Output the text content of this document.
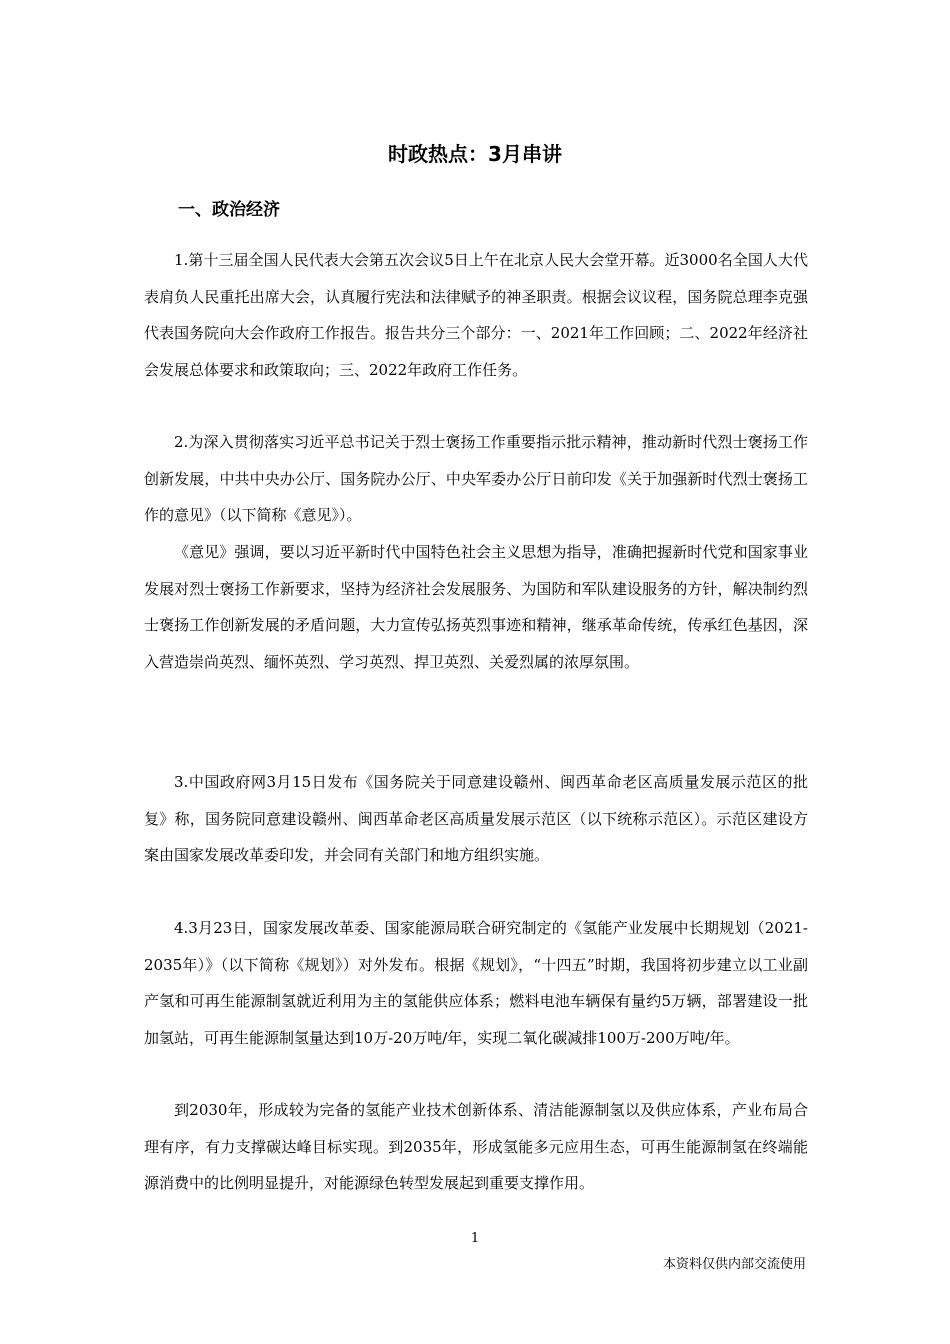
时政热点：3月串讲
一、政治经济

1.第十三届全国人民代表大会第五次会议5日上午在北京人民大会堂开幕。近3000名全国人大代表肩负人民重托出席大会，认真履行宪法和法律赋予的神圣职责。根据会议议程，国务院总理李克强代表国务院向大会作政府工作报告。报告共分三个部分：一、2021年工作回顾；二、2022年经济社会发展总体要求和政策取向；三、2022年政府工作任务。

2.为深入贯彻落实习近平总书记关于烈士褒扬工作重要指示批示精神，推动新时代烈士褒扬工作创新发展，中共中央办公厅、国务院办公厅、中央军委办公厅日前印发《关于加强新时代烈士褒扬工作的意见》（以下简称《意见》）。

《意见》强调，要以习近平新时代中国特色社会主义思想为指导，准确把握新时代党和国家事业发展对烈士褒扬工作新要求，坚持为经济社会发展服务、为国防和军队建设服务的方针，解决制约烈士褒扬工作创新发展的矛盾问题，大力宣传弘扬英烈事迹和精神，继承革命传统，传承红色基因，深入营造崇尚英烈、缅怀英烈、学习英烈、捍卫英烈、关爱烈属的浓厚氛围。

3.中国政府网3月15日发布《国务院关于同意建设赣州、闽西革命老区高质量发展示范区的批复》称，国务院同意建设赣州、闽西革命老区高质量发展示范区（以下统称示范区）。示范区建设方案由国家发展改革委印发，并会同有关部门和地方组织实施。

4.3月23日，国家发展改革委、国家能源局联合研究制定的《氢能产业发展中长期规划（2021-2035年）》（以下简称《规划》）对外发布。根据《规划》，“十四五”时期，我国将初步建立以工业副产氢和可再生能源制氢就近利用为主的氢能供应体系；燃料电池车辆保有量约5万辆，部署建设一批加氢站，可再生能源制氢量达到10万-20万吨/年，实现二氧化碳减排100万-200万吨/年。

到2030年，形成较为完备的氢能产业技术创新体系、清洁能源制氢以及供应体系，产业布局合理有序，有力支撑碳达峰目标实现。到2035年，形成氢能多元应用生态，可再生能源制氢在终端能源消费中的比例明显提升，对能源绿色转型发展起到重要支撑作用。

1
本资料仅供内部交流使用
